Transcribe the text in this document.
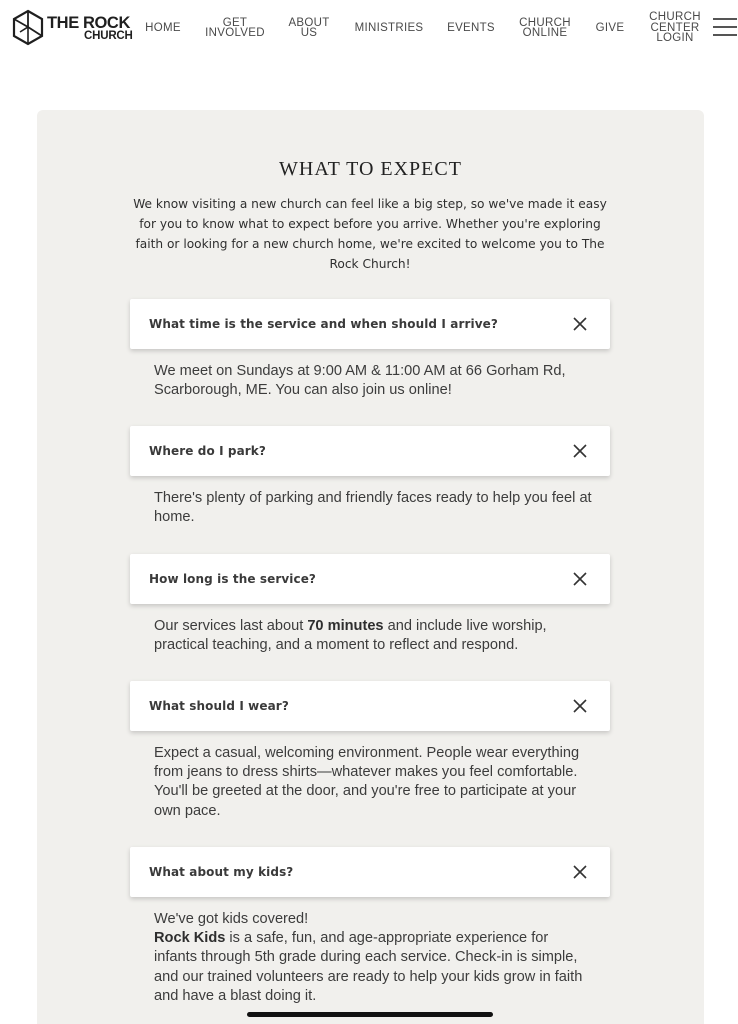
THE ROCK
CHURCH
HOME	GET
INVOLVED
ABOUT
US	MINISTRIES EVENTS CHURCH
ONLINE	GIVE
CHURCH
CENTER
LOGIN
WHAT TO EXPECT
We know visiting a new church can feel like a big step, so we've made it easy for you to know what to expect before you arrive. Whether you're exploring faith or looking for a new church home, we're excited to welcome you to The Rock Church!
What time is the service and when should I arrive?
We meet on Sundays at 9:00 AM & 11:00 AM at 66 Gorham Rd, Scarborough, ME. You can also join us online!
Where do I park?
There's plenty of parking and friendly faces ready to help you feel at home.
How long is the service?
Our services last about 70 minutes and include live worship, practical teaching, and a moment to reflect and respond.
What should I wear?
Expect a casual, welcoming environment. People wear everything from jeans to dress shirts—whatever makes you feel comfortable. You'll be greeted at the door, and you're free to participate at your own pace.
What about my kids?
We've got kids covered!
Rock Kids is a safe, fun, and age-appropriate experience for infants through 5th grade during each service. Check-in is simple, and our trained volunteers are ready to help your kids grow in faith and have a blast doing it.
